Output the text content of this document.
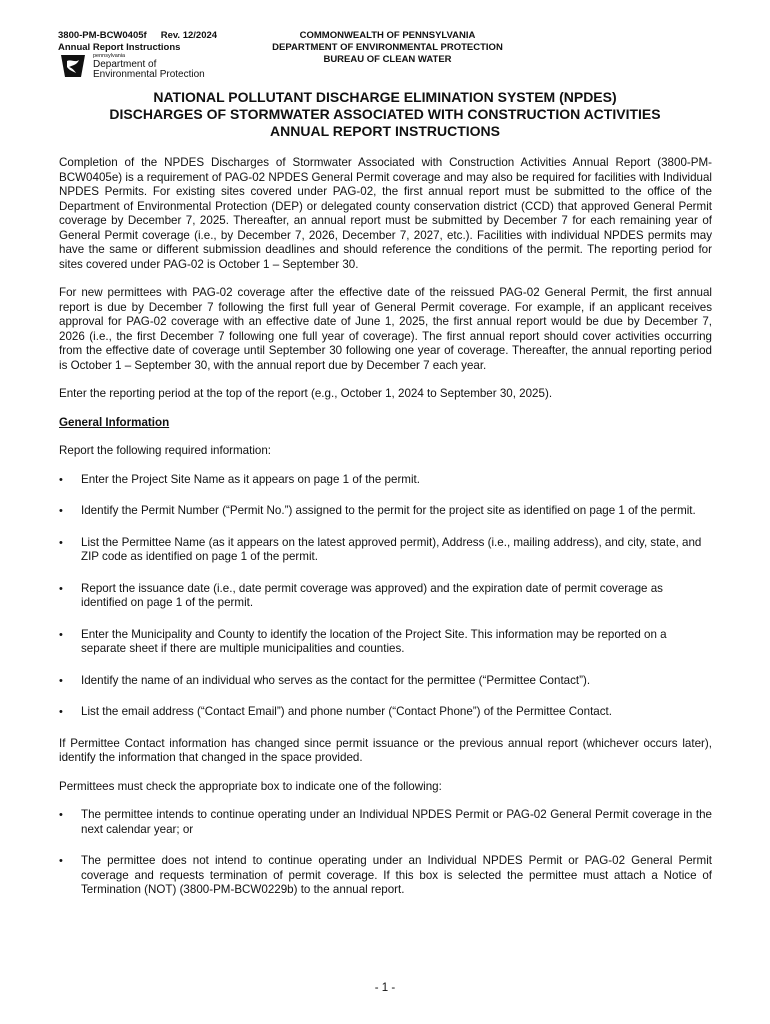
3800-PM-BCW0405f Rev. 12/2024
Annual Report Instructions
pennsylvania
Department of
Environmental Protection
COMMONWEALTH OF PENNSYLVANIA
DEPARTMENT OF ENVIRONMENTAL PROTECTION
BUREAU OF CLEAN WATER
NATIONAL POLLUTANT DISCHARGE ELIMINATION SYSTEM (NPDES)
DISCHARGES OF STORMWATER ASSOCIATED WITH CONSTRUCTION ACTIVITIES
ANNUAL REPORT INSTRUCTIONS

Completion of the NPDES Discharges of Stormwater Associated with Construction Activities Annual Report (3800-PM-BCW0405e) is a requirement of PAG-02 NPDES General Permit coverage and may also be required for facilities with Individual NPDES Permits. For existing sites covered under PAG-02, the first annual report must be submitted to the office of the Department of Environmental Protection (DEP) or delegated county conservation district (CCD) that approved General Permit coverage by December 7, 2025. Thereafter, an annual report must be submitted by December 7 for each remaining year of General Permit coverage (i.e., by December 7, 2026, December 7, 2027, etc.). Facilities with individual NPDES permits may have the same or different submission deadlines and should reference the conditions of the permit. The reporting period for sites covered under PAG-02 is October 1 – September 30.

For new permittees with PAG-02 coverage after the effective date of the reissued PAG-02 General Permit, the first annual report is due by December 7 following the first full year of General Permit coverage. For example, if an applicant receives approval for PAG-02 coverage with an effective date of June 1, 2025, the first annual report would be due by December 7, 2026 (i.e., the first December 7 following one full year of coverage). The first annual report should cover activities occurring from the effective date of coverage until September 30 following one year of coverage. Thereafter, the annual reporting period is October 1 – September 30, with the annual report due by December 7 each year.

Enter the reporting period at the top of the report (e.g., October 1, 2024 to September 30, 2025).

General Information

Report the following required information:

• Enter the Project Site Name as it appears on page 1 of the permit.
• Identify the Permit Number (“Permit No.”) assigned to the permit for the project site as identified on page 1 of the permit.
• List the Permittee Name (as it appears on the latest approved permit), Address (i.e., mailing address), and city, state, and ZIP code as identified on page 1 of the permit.
• Report the issuance date (i.e., date permit coverage was approved) and the expiration date of permit coverage as identified on page 1 of the permit.
• Enter the Municipality and County to identify the location of the Project Site. This information may be reported on a separate sheet if there are multiple municipalities and counties.
• Identify the name of an individual who serves as the contact for the permittee (“Permittee Contact”).
• List the email address (“Contact Email”) and phone number (“Contact Phone”) of the Permittee Contact.

If Permittee Contact information has changed since permit issuance or the previous annual report (whichever occurs later), identify the information that changed in the space provided.

Permittees must check the appropriate box to indicate one of the following:

• The permittee intends to continue operating under an Individual NPDES Permit or PAG-02 General Permit coverage in the next calendar year; or
• The permittee does not intend to continue operating under an Individual NPDES Permit or PAG-02 General Permit coverage and requests termination of permit coverage. If this box is selected the permittee must attach a Notice of Termination (NOT) (3800-PM-BCW0229b) to the annual report.
- 1 -
